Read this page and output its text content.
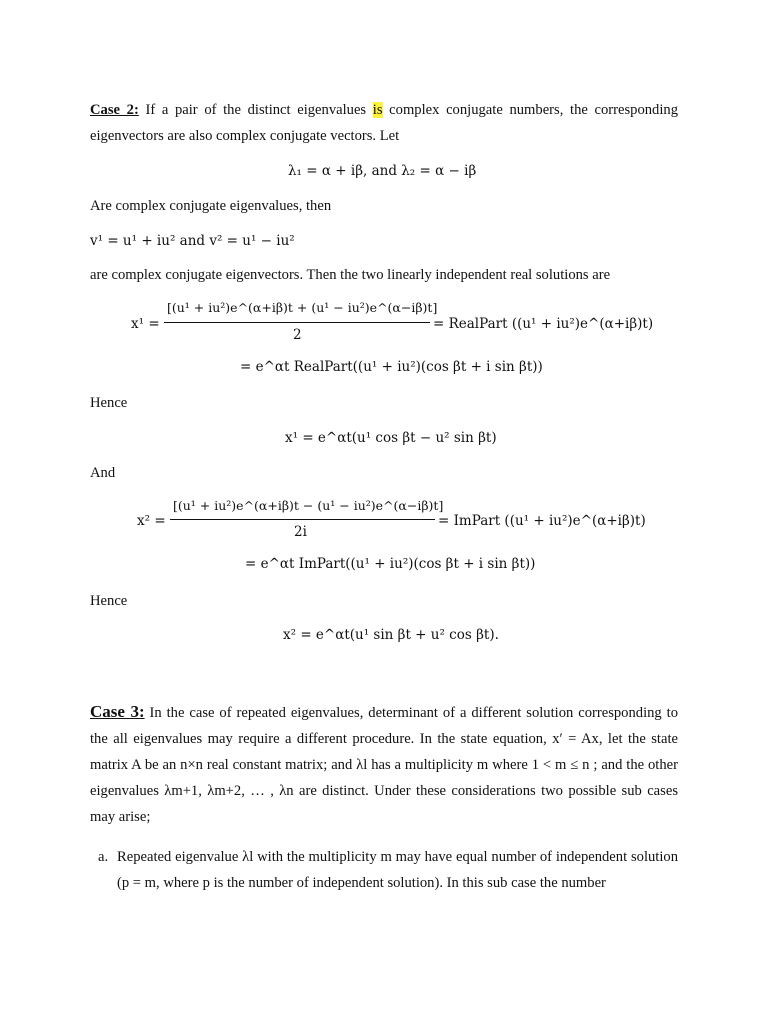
Case 2: If a pair of the distinct eigenvalues is complex conjugate numbers, the corresponding eigenvectors are also complex conjugate vectors. Let
λ₁ = α + iβ, and λ₂ = α − iβ
Are complex conjugate eigenvalues, then
v¹ = u¹ + iu² and v² = u¹ − iu²
are complex conjugate eigenvectors. Then the two linearly independent real solutions are
x¹ =
[(u¹ + iu²)e^(α+iβ)t + (u¹ − iu²)e^(α−iβ)t]
2
= RealPart ((u¹ + iu²)e^(α+iβ)t)
= e^αt RealPart((u¹ + iu²)(cos βt + i sin βt))
Hence
x¹ = e^αt(u¹ cos βt − u² sin βt)
And
x² =
[(u¹ + iu²)e^(α+iβ)t − (u¹ − iu²)e^(α−iβ)t]
2i
= ImPart ((u¹ + iu²)e^(α+iβ)t)
= e^αt ImPart((u¹ + iu²)(cos βt + i sin βt))
Hence
x² = e^αt(u¹ sin βt + u² cos βt).
Case 3: In the case of repeated eigenvalues, determinant of a different solution corresponding to the all eigenvalues may require a different procedure. In the state equation, x′ = Ax, let the state matrix A be an n×n real constant matrix; and λl has a multiplicity m where 1 < m ≤ n ; and the other eigenvalues λm+1, λm+2, … , λn are distinct. Under these considerations two possible sub cases may arise;
a. Repeated eigenvalue λl with the multiplicity m may have equal number of independent solution (p = m, where p is the number of independent solution). In this sub case the number
